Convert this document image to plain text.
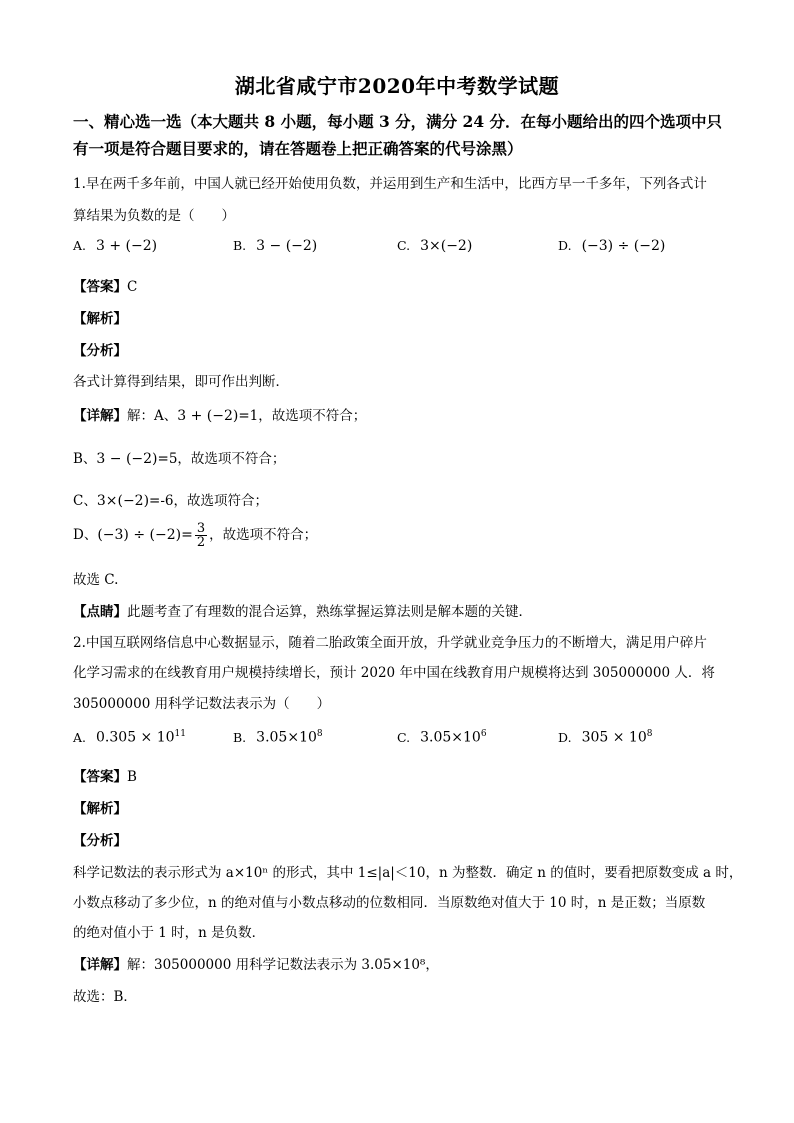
湖北省咸宁市2020年中考数学试题
一、精心选一选（本大题共 8 小题，每小题 3 分，满分 24 分．在每小题给出的四个选项中只
有一项是符合题目要求的，请在答题卷上把正确答案的代号涂黑）
1.早在两千多年前，中国人就已经开始使用负数，并运用到生产和生活中，比西方早一千多年，下列各式计
算结果为负数的是（　　）
A. 3 + (−2)	B. 3 − (−2)	C. 3×(−2)	D. (−3) ÷ (−2)
【答案】C
【解析】
【分析】
各式计算得到结果，即可作出判断．
【详解】解：A、3 + (−2)=1，故选项不符合；
B、3 − (−2)=5，故选项不符合；
C、3×(−2)=-6，故选项符合；
D、$(-3) \div (-2)= \frac{3}{2}$ ，故选项不符合；
故选 C.
【点睛】此题考查了有理数的混合运算，熟练掌握运算法则是解本题的关键．
2.中国互联网络信息中心数据显示，随着二胎政策全面开放，升学就业竞争压力的不断增大，满足用户碎片
化学习需求的在线教育用户规模持续增长，预计 2020 年中国在线教育用户规模将达到 305000000 人．将
305000000 用科学记数法表示为（　　）
A. $0.305 \times 10^{11}$	B. $3.05\times 10^8$	C. $3.05\times 10^6$	D. $305 \times 10^8$
【答案】B
【解析】
【分析】
科学记数法的表示形式为 a×10ⁿ 的形式，其中 1≤|a|＜10，n 为整数．确定 n 的值时，要看把原数变成 a 时，
小数点移动了多少位，n 的绝对值与小数点移动的位数相同．当原数绝对值大于 10 时，n 是正数；当原数
的绝对值小于 1 时，n 是负数．
【详解】解：305000000 用科学记数法表示为 3.05×10⁸，
故选：B．
